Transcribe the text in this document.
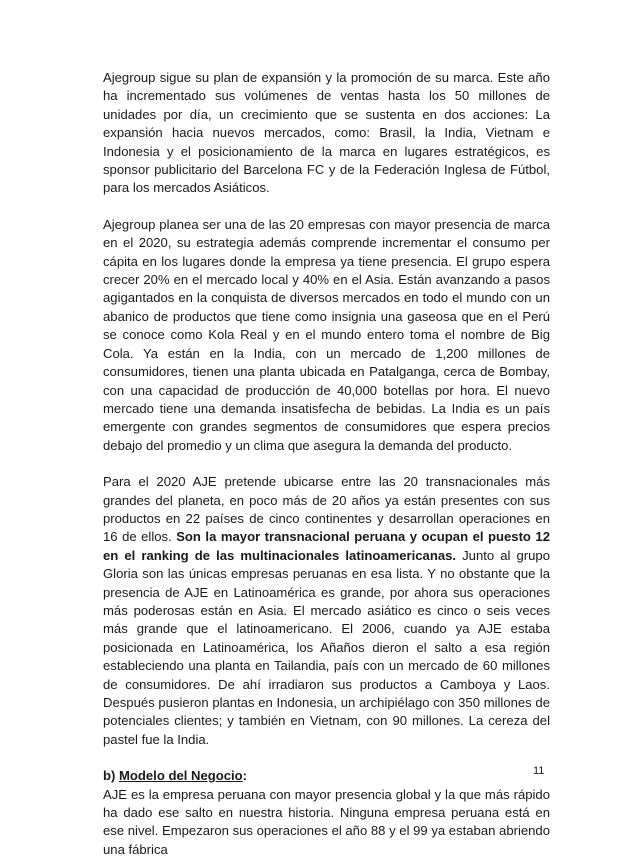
Ajegroup sigue su plan de expansión y la promoción de su marca. Este año ha incrementado sus volúmenes de ventas hasta los 50 millones de unidades por día, un crecimiento que se sustenta en dos acciones: La expansión hacia nuevos mercados, como: Brasil, la India, Vietnam e Indonesia y el posicionamiento de la marca en lugares estratégicos, es sponsor publicitario del Barcelona FC y de la Federación Inglesa de Fútbol, para los mercados Asiáticos.

Ajegroup planea ser una de las 20 empresas con mayor presencia de marca en el 2020, su estrategia además comprende incrementar el consumo per cápita en los lugares donde la empresa ya tiene presencia. El grupo espera crecer 20% en el mercado local y 40% en el Asia. Están avanzando a pasos agigantados en la conquista de diversos mercados en todo el mundo con un abanico de productos que tiene como insignia una gaseosa que en el Perú se conoce como Kola Real y en el mundo entero toma el nombre de Big Cola. Ya están en la India, con un mercado de 1,200 millones de consumidores, tienen una planta ubicada en Patalganga, cerca de Bombay, con una capacidad de producción de 40,000 botellas por hora. El nuevo mercado tiene una demanda insatisfecha de bebidas. La India es un país emergente con grandes segmentos de consumidores que espera precios debajo del promedio y un clima que asegura la demanda del producto.

Para el 2020 AJE pretende ubicarse entre las 20 transnacionales más grandes del planeta, en poco más de 20 años ya están presentes con sus productos en 22 países de cinco continentes y desarrollan operaciones en 16 de ellos. Son la mayor transnacional peruana y ocupan el puesto 12 en el ranking de las multinacionales latinoamericanas. Junto al grupo Gloria son las únicas empresas peruanas en esa lista. Y no obstante que la presencia de AJE en Latinoamérica es grande, por ahora sus operaciones más poderosas están en Asia. El mercado asiático es cinco o seis veces más grande que el latinoamericano. El 2006, cuando ya AJE estaba posicionada en Latinoamérica, los Añaños dieron el salto a esa región estableciendo una planta en Tailandia, país con un mercado de 60 millones de consumidores. De ahí irradiaron sus productos a Camboya y Laos. Después pusieron plantas en Indonesia, un archipiélago con 350 millones de potenciales clientes; y también en Vietnam, con 90 millones. La cereza del pastel fue la India.

b) Modelo del Negocio:

AJE es la empresa peruana con mayor presencia global y la que más rápido ha dado ese salto en nuestra historia. Ninguna empresa peruana está en ese nivel. Empezaron sus operaciones el año 88 y el 99 ya estaban abriendo una fábrica

11
